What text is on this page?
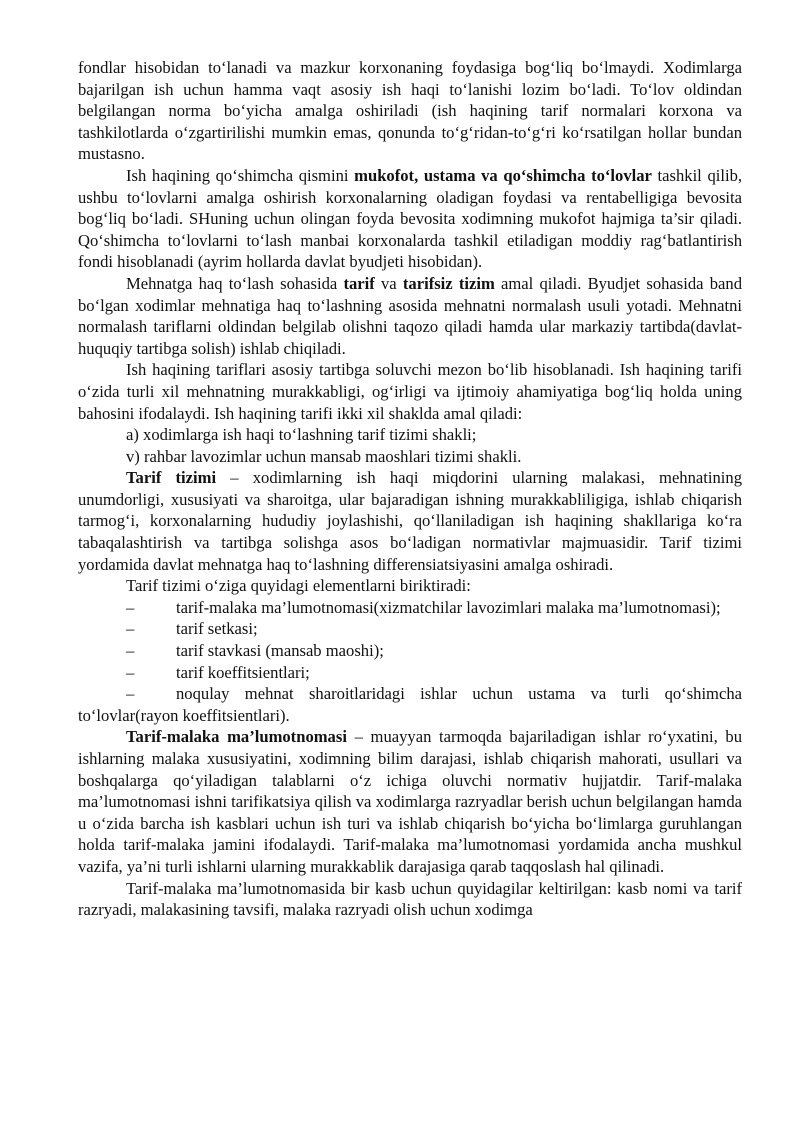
fondlar hisobidan to‘lanadi va mazkur korxonaning foydasiga bog‘liq bo‘lmaydi. Xodimlarga bajarilgan ish uchun hamma vaqt asosiy ish haqi to‘lanishi lozim bo‘ladi. To‘lov oldindan belgilangan norma bo‘yicha amalga oshiriladi (ish haqining tarif normalari korxona va tashkilotlarda o‘zgartirilishi mumkin emas, qonunda to‘g‘ridan-to‘g‘ri ko‘rsatilgan hollar bundan mustasno.

Ish haqining qo‘shimcha qismini mukofot, ustama va qo‘shimcha to‘lovlar tashkil qilib, ushbu to‘lovlarni amalga oshirish korxonalarning oladigan foydasi va rentabelligiga bevosita bog‘liq bo‘ladi. SHuning uchun olingan foyda bevosita xodimning mukofot hajmiga ta’sir qiladi. Qo‘shimcha to‘lovlarni to‘lash manbai korxonalarda tashkil etiladigan moddiy rag‘batlantirish fondi hisoblanadi (ayrim hollarda davlat byudjeti hisobidan).

Mehnatga haq to‘lash sohasida tarif va tarifsiz tizim amal qiladi. Byudjet sohasida band bo‘lgan xodimlar mehnatiga haq to‘lashning asosida mehnatni normalash usuli yotadi. Mehnatni normalash tariflarni oldindan belgilab olishni taqozo qiladi hamda ular markaziy tartibda(davlat-huquqiy tartibga solish) ishlab chiqiladi.

Ish haqining tariflari asosiy tartibga soluvchi mezon bo‘lib hisoblanadi. Ish haqining tarifi o‘zida turli xil mehnatning murakkabligi, og‘irligi va ijtimoiy ahamiyatiga bog‘liq holda uning bahosini ifodalaydi. Ish haqining tarifi ikki xil shaklda amal qiladi:

a) xodimlarga ish haqi to‘lashning tarif tizimi shakli;

v) rahbar lavozimlar uchun mansab maoshlari tizimi shakli.

Tarif tizimi – xodimlarning ish haqi miqdorini ularning malakasi, mehnatining unumdorligi, xususiyati va sharoitga, ular bajaradigan ishning murakkabliligiga, ishlab chiqarish tarmog‘i, korxonalarning hududiy joylashishi, qo‘llaniladigan ish haqining shakllariga ko‘ra tabaqalashtirish va tartibga solishga asos bo‘ladigan normativlar majmuasidir. Tarif tizimi yordamida davlat mehnatga haq to‘lashning differensiatsiyasini amalga oshiradi.

Tarif tizimi o‘ziga quyidagi elementlarni biriktiradi:

–	tarif-malaka ma’lumotnomasi(xizmatchilar lavozimlari malaka ma’lumotnomasi);

–	tarif setkasi;

–	tarif stavkasi (mansab maoshi);

–	tarif koeffitsientlari;

–	noqulay mehnat sharoitlaridagi ishlar uchun ustama va turli qo‘shimcha to‘lovlar(rayon koeffitsientlari).

Tarif-malaka ma’lumotnomasi – muayyan tarmoqda bajariladigan ishlar ro‘yxatini, bu ishlarning malaka xususiyatini, xodimning bilim darajasi, ishlab chiqarish mahorati, usullari va boshqalarga qo‘yiladigan talablarni o‘z ichiga oluvchi normativ hujjatdir. Tarif-malaka ma’lumotnomasi ishni tarifikatsiya qilish va xodimlarga razryadlar berish uchun belgilangan hamda u o‘zida barcha ish kasblari uchun ish turi va ishlab chiqarish bo‘yicha bo‘limlarga guruhlangan holda tarif-malaka jamini ifodalaydi. Tarif-malaka ma’lumotnomasi yordamida ancha mushkul vazifa, ya’ni turli ishlarni ularning murakkablik darajasiga qarab taqqoslash hal qilinadi.

Tarif-malaka ma’lumotnomasida bir kasb uchun quyidagilar keltirilgan: kasb nomi va tarif razryadi, malakasining tavsifi, malaka razryadi olish uchun xodimga
